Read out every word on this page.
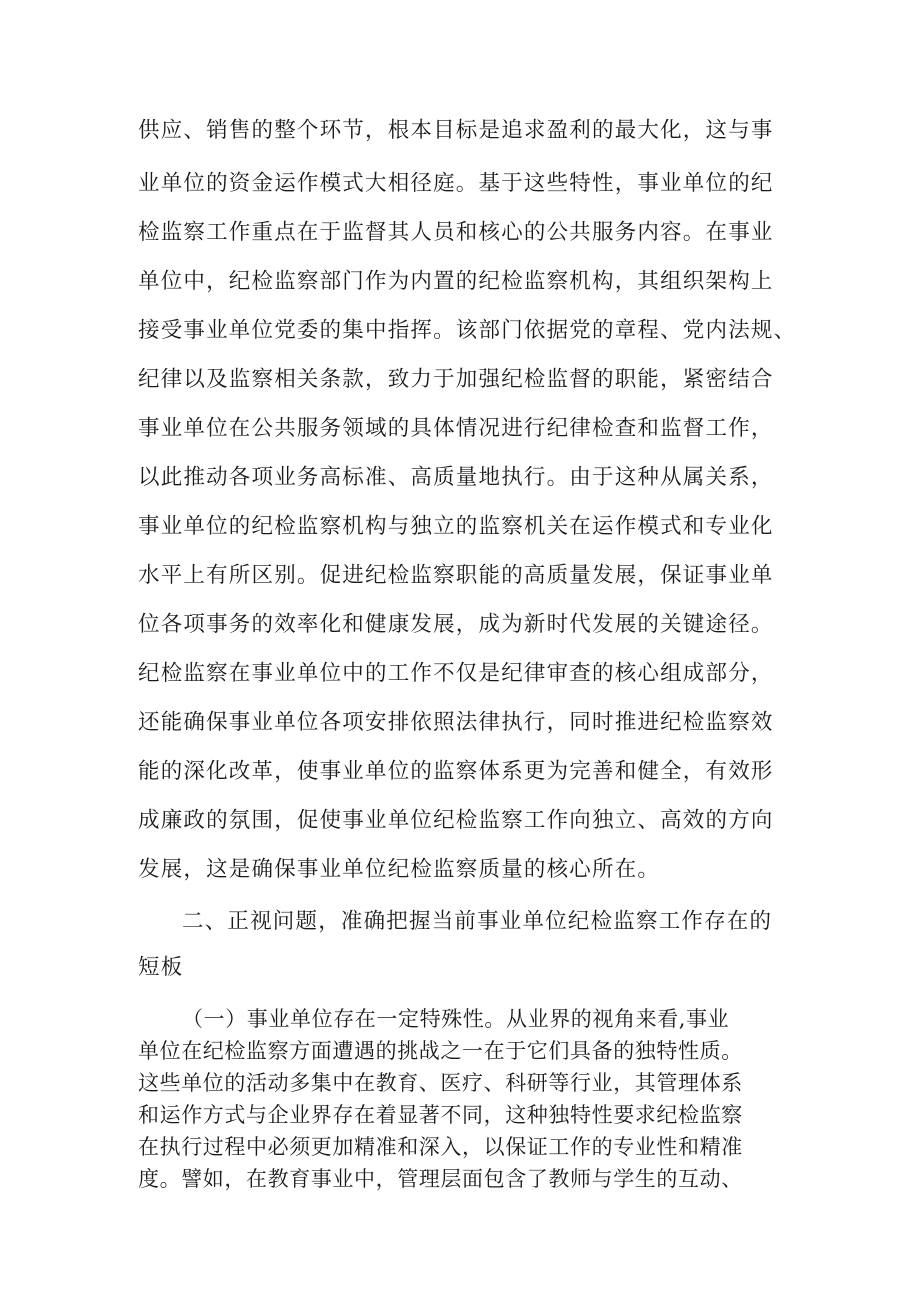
供应、销售的整个环节，根本目标是追求盈利的最大化，这与事
业单位的资金运作模式大相径庭。基于这些特性，事业单位的纪
检监察工作重点在于监督其人员和核心的公共服务内容。在事业
单位中，纪检监察部门作为内置的纪检监察机构，其组织架构上
接受事业单位党委的集中指挥。该部门依据党的章程、党内法规、
纪律以及监察相关条款，致力于加强纪检监督的职能，紧密结合
事业单位在公共服务领域的具体情况进行纪律检查和监督工作，
以此推动各项业务高标准、高质量地执行。由于这种从属关系，
事业单位的纪检监察机构与独立的监察机关在运作模式和专业化
水平上有所区别。促进纪检监察职能的高质量发展，保证事业单
位各项事务的效率化和健康发展，成为新时代发展的关键途径。
纪检监察在事业单位中的工作不仅是纪律审查的核心组成部分，
还能确保事业单位各项安排依照法律执行，同时推进纪检监察效
能的深化改革，使事业单位的监察体系更为完善和健全，有效形
成廉政的氛围，促使事业单位纪检监察工作向独立、高效的方向
发展，这是确保事业单位纪检监察质量的核心所在。
二、正视问题，准确把握当前事业单位纪检监察工作存在的
短板
（一）事业单位存在一定特殊性。从业界的视角来看,事业
单位在纪检监察方面遭遇的挑战之一在于它们具备的独特性质。
这些单位的活动多集中在教育、医疗、科研等行业，其管理体系
和运作方式与企业界存在着显著不同，这种独特性要求纪检监察
在执行过程中必须更加精准和深入，以保证工作的专业性和精准
度。譬如，在教育事业中，管理层面包含了教师与学生的互动、
